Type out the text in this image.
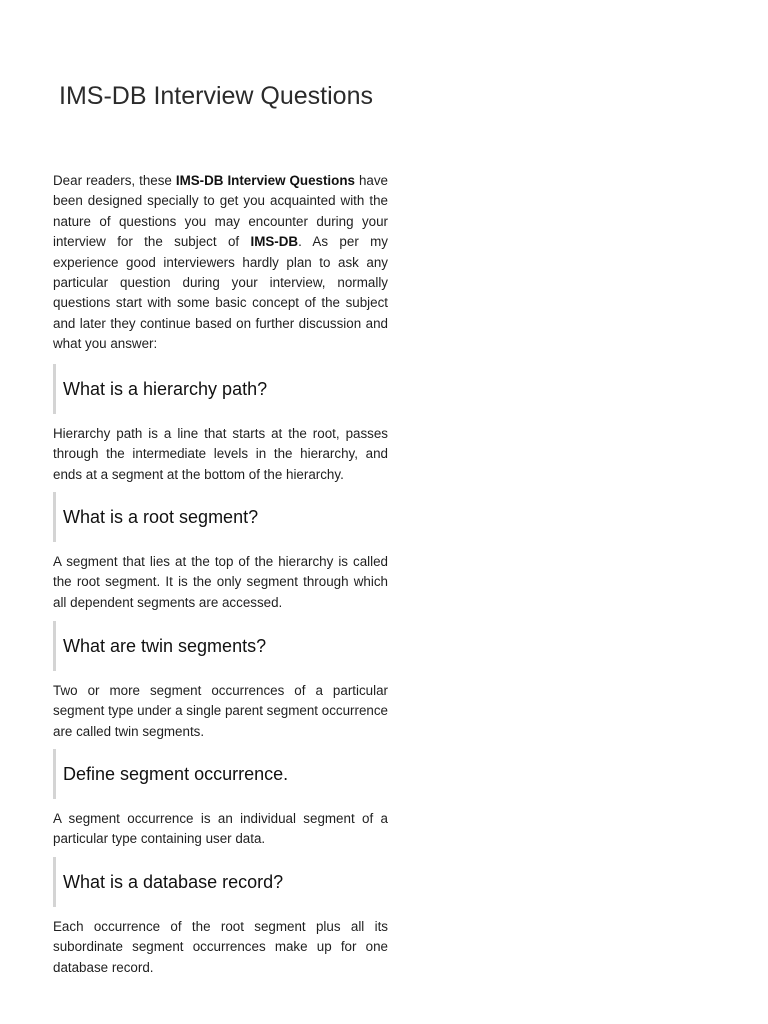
IMS-DB Interview Questions

Dear readers, these IMS-DB Interview Questions have been designed specially to get you acquainted with the nature of questions you may encounter during your interview for the subject of IMS-DB. As per my experience good interviewers hardly plan to ask any particular question during your interview, normally questions start with some basic concept of the subject and later they continue based on further discussion and what you answer:

What is a hierarchy path?

Hierarchy path is a line that starts at the root, passes through the intermediate levels in the hierarchy, and ends at a segment at the bottom of the hierarchy.

What is a root segment?

A segment that lies at the top of the hierarchy is called the root segment. It is the only segment through which all dependent segments are accessed.

What are twin segments?

Two or more segment occurrences of a particular segment type under a single parent segment occurrence are called twin segments.

Define segment occurrence.

A segment occurrence is an individual segment of a particular type containing user data.

What is a database record?

Each occurrence of the root segment plus all its subordinate segment occurrences make up for one database record.
